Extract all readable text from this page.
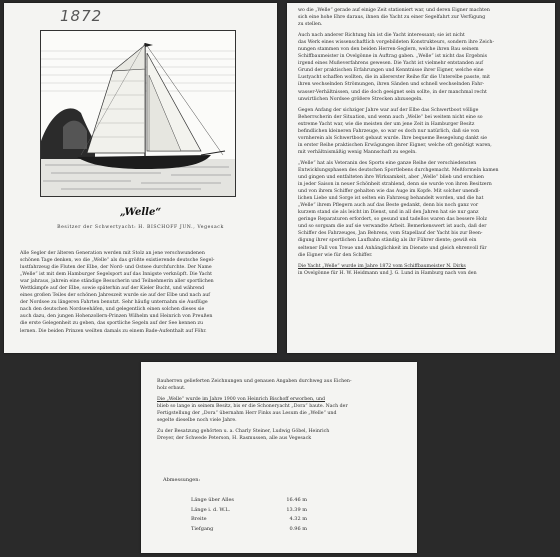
1872
„Welle“
Besitzer der Schwertyacht: H. BISCHOFF JUN., Vegesack
Alle Segler der älteren Generation werden mit Stolz an jene verschwundenen
schönen Tage denken, wo die „Welle“ als das größte existierende deutsche Segel-
lustfahrzeug die Fluten der Elbe, der Nord- und Ostsee durchfurchte. Der Name
„Welle“ ist mit dem Hamburger Segelsport auf das Innigste verknüpft. Die Yacht
war jahraus, jahrein eine ständige Besucherin und Teilnehmerin aller sportlichen
Wettkämpfe auf der Elbe, sowie späterhin auf der Kieler Bucht, und während
eines großen Teiles der schönen Jahreszeit wurde sie auf der Elbe und nach auf
der Nordsee zu längeren Fahrten benutzt. Sehr häufig unternahm sie Ausflüge
nach den deutschen Nordseehäfen, und gelegentlich einen solchen dieses sie
auch dazu, den jungen Hohenzollern-Prinzen Wilhelm und Heinrich von Preußen
die erste Gelegenheit zu geben, das sportliche Segeln auf der See kennen zu
lernen. Die beiden Prinzen weilten damals zu einem Bade-Aufenthalt auf Föhr.
wo die „Welle“ gerade auf einige Zeit stationiert war, und deren Eigner machten
sich eine hohe Ehre daraus, ihnen die Yacht zu einer Segelfahrt zur Verfügung
zu stellen.
Auch nach anderer Richtung hin ist die Yacht interessant; sie ist nicht
das Werk eines wissenschaftlich vorgebildeten Konstrukteurs, sondern ihre Zeich-
nungen stammen von den beiden Herren-Seglern, welche ihren Bau seinem
Schiffbaumeister in Ovelgönne in Auftrag gaben. „Welle“ ist nicht das Ergebnis
irgend eines Mußeverfahrens gewesen. Die Yacht ist vielmehr entstanden auf
Grund der praktischen Erfahrungen und Kenntnisse ihrer Eigner, welche eine
Lustyacht schaffen wollten, die in allererster Reihe für die Unterelbe passte, mit
ihren wechselnden Strömungen, ihren Sänden und schnell wechselnden Fahr-
wasser-Verhältnissen, und die doch geeignet sein sollte, in der manchmal recht
unwirtlichen Nordsee größere Strecken abzusegeln.
Gegen Anfang der sichziger Jahre war auf der Elbe das Schwertboot völlige
Beherrscherin der Situation, und wenn auch „Welle“ bei weitem nicht eine so
extreme Yacht war, wie die meisten der um jene Zeit in Hamburger Besitz
befindlichen kleineren Fahrzeuge, so war es doch nur natürlich, daß sie von
vornherein als Schwertboot gebaut wurde. Ihre bequeme Besegelung dankt sie
in erster Reihe praktischen Erwägungen ihrer Eigner, welche oft genötigt waren,
mit verhältnismäßig wenig Mannschaft zu segeln.
„Welle“ hat als Veteranin des Sports eine ganze Reihe der verschiedensten
Entwicklungsphasen des deutschen Sportlebens durchgemacht. Meßformeln kamen
und gingen und entfalteten ihre Wirksamkeit, aber „Welle“ blieb und erschien
in jeder Saison in neuer Schönheit strahlend, denn sie wurde von ihren Besitzern
und von ihrem Schiffer gehalten wie das Auge im Kopfe. Mit solcher unendl-
lichen Liebe und Sorge ist selten ein Fahrzeug behandelt worden, und die hat
„Welle“ ihrem Pflegern auch auf das Beste gedankt, denn bis noch ganz vor
kurzem stand sie als leicht im Dienst, und in all den Jahren hat sie nur ganz
geringe Reparaturen erfordert, so gesund und tadellos waren das bessere Holz
und so sorgsam die auf sie verwandte Arbeit. Bemerkenswert ist auch, daß der
Schiffer des Fahrzeuges, Jan Behrens, vom Stapellauf der Yacht bis zur Been-
digung ihrer sportlichen Laufbahn ständig als ihr Führer diente; gewiß ein
seltener Fall von Treue und Anhänglichkeit im Dienste und gleich ehrenvoll für
die Eigner wie für den Schiffer.
Die Yacht „Welle“ wurde im Jahre 1872 vom Schiffbaumeister N. Dirks
in Övelgönne für H. W. Heidmann und J. G. Lund in Hamburg nach von den
Bauherren gelieferten Zeichnungen und genauen Angaben durchweg aus Eichen-
holz erbaut.
Die „Welle“ wurde im Jahre 1900 von Heinrich Bischoff erworben, und
blieb so lange in seinem Besitz, bis er die Schoneryacht „Dora“ baute. Nach der
Fertigstellung der „Dora“ übernahm Herr Finks aus Lesum die „Welle“ und
segelte dieselbe noch viele Jahre.
Zu der Besatzung gehörten u. a. Charly Steiner, Ludwig Göbel, Heinrich
Dreyer, der Schwede Peterson, H. Rasmussen, alle aus Vegesack
Abmessungen:
Länge über Alles	16.46 m
Länge i. d. W.L.	13.39 m
Breite	4.32 m
Tiefgang	0.96 m
